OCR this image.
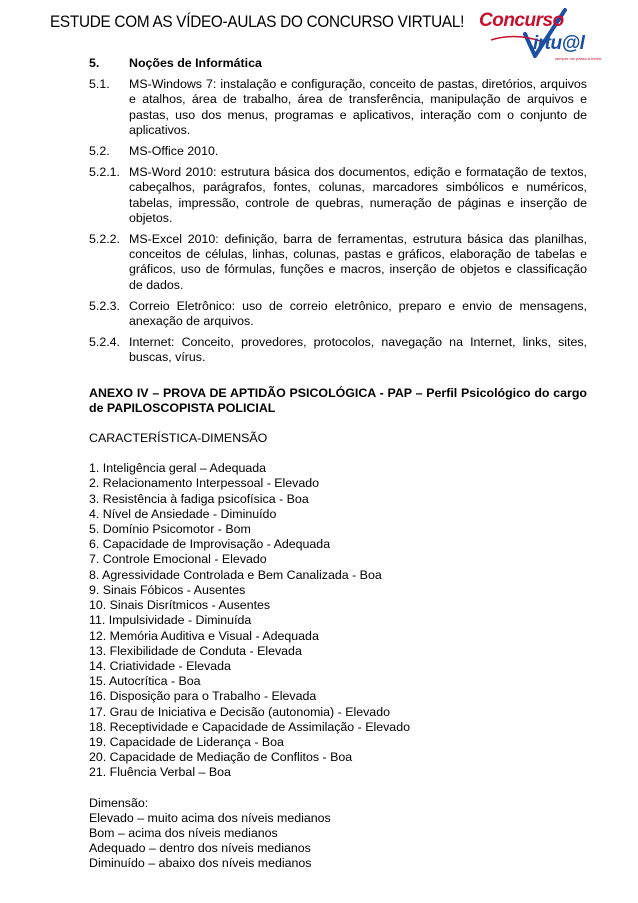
ESTUDE COM AS VÍDEO-AULAS DO CONCURSO VIRTUAL! Concurso
irtu@l
sempre um passo à frente
5.	Noções de Informática
5.1.	MS-Windows 7: instalação e configuração, conceito de pastas, diretórios, arquivos e atalhos, área de trabalho, área de transferência, manipulação de arquivos e pastas, uso dos menus, programas e aplicativos, interação com o conjunto de aplicativos.
5.2.	MS-Office 2010.
5.2.1. MS-Word 2010: estrutura básica dos documentos, edição e formatação de textos, cabeçalhos, parágrafos, fontes, colunas, marcadores simbólicos e numéricos, tabelas, impressão, controle de quebras, numeração de páginas e inserção de objetos.
5.2.2. MS-Excel 2010: definição, barra de ferramentas, estrutura básica das planilhas, conceitos de células, linhas, colunas, pastas e gráficos, elaboração de tabelas e gráficos, uso de fórmulas, funções e macros, inserção de objetos e classificação de dados.
5.2.3. Correio Eletrônico: uso de correio eletrônico, preparo e envio de mensagens, anexação de arquivos.
5.2.4. Internet: Conceito, provedores, protocolos, navegação na Internet, links, sites, buscas, vírus.
ANEXO IV – PROVA DE APTIDÃO PSICOLÓGICA - PAP – Perfil Psicológico do cargo de PAPILOSCOPISTA POLICIAL
CARACTERÍSTICA-DIMENSÃO
1. Inteligência geral – Adequada
2. Relacionamento Interpessoal - Elevado
3. Resistência à fadiga psicofísica - Boa
4. Nível de Ansiedade - Diminuído
5. Domínio Psicomotor - Bom
6. Capacidade de Improvisação - Adequada
7. Controle Emocional - Elevado
8. Agressividade Controlada e Bem Canalizada - Boa
9. Sinais Fóbicos - Ausentes
10. Sinais Disrítmicos - Ausentes
11. Impulsividade - Diminuída
12. Memória Auditiva e Visual - Adequada
13. Flexibilidade de Conduta - Elevada
14. Criatividade - Elevada
15. Autocrítica - Boa
16. Disposição para o Trabalho - Elevada
17. Grau de Iniciativa e Decisão (autonomia) - Elevado
18. Receptividade e Capacidade de Assimilação - Elevado
19. Capacidade de Liderança - Boa
20. Capacidade de Mediação de Conflitos - Boa
21. Fluência Verbal – Boa
Dimensão:
Elevado – muito acima dos níveis medianos
Bom – acima dos níveis medianos
Adequado – dentro dos níveis medianos
Diminuído – abaixo dos níveis medianos
